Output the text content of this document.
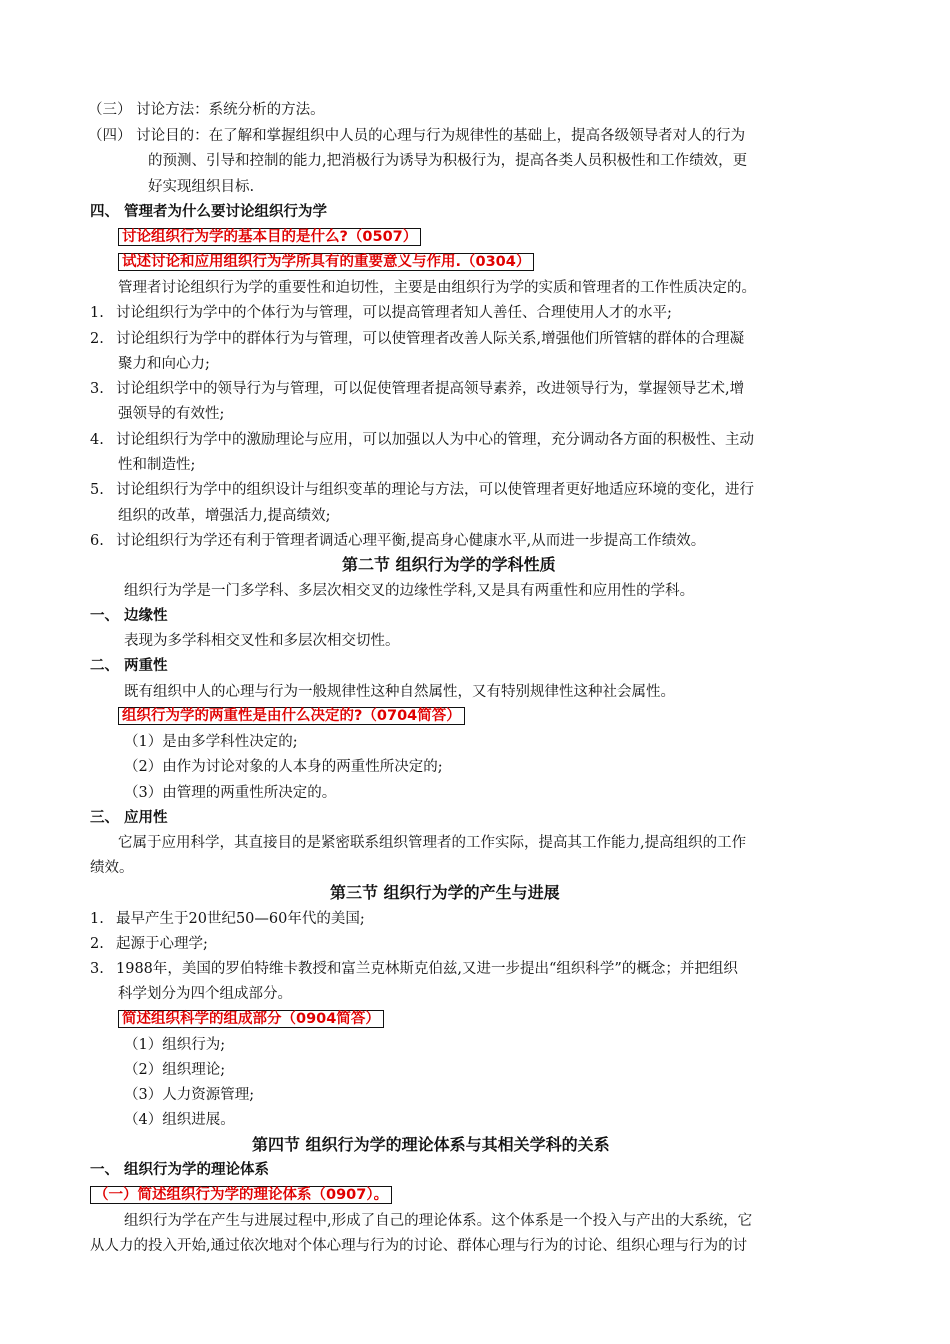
（三） 讨论方法：系统分析的方法。
（四） 讨论目的：在了解和掌握组织中人员的心理与行为规律性的基础上，提高各级领导者对人的行为
的预测、引导和控制的能力,把消极行为诱导为积极行为，提高各类人员积极性和工作绩效，更
好实现组织目标.
四、 管理者为什么要讨论组织行为学
讨论组织行为学的基本目的是什么?（0507）
试述讨论和应用组织行为学所具有的重要意义与作用.（0304）
管理者讨论组织行为学的重要性和迫切性，主要是由组织行为学的实质和管理者的工作性质决定的。
1. 讨论组织行为学中的个体行为与管理，可以提高管理者知人善任、合理使用人才的水平;
2. 讨论组织行为学中的群体行为与管理，可以使管理者改善人际关系,增强他们所管辖的群体的合理凝
聚力和向心力;
3. 讨论组织学中的领导行为与管理，可以促使管理者提高领导素养，改进领导行为，掌握领导艺术,增
强领导的有效性;
4. 讨论组织行为学中的激励理论与应用，可以加强以人为中心的管理，充分调动各方面的积极性、主动
性和制造性;
5. 讨论组织行为学中的组织设计与组织变革的理论与方法，可以使管理者更好地适应环境的变化，进行
组织的改革，增强活力,提高绩效;
6. 讨论组织行为学还有利于管理者调适心理平衡,提高身心健康水平,从而进一步提高工作绩效。
第二节 组织行为学的学科性质
组织行为学是一门多学科、多层次相交叉的边缘性学科,又是具有两重性和应用性的学科。
一、 边缘性
表现为多学科相交叉性和多层次相交切性。
二、 两重性
既有组织中人的心理与行为一般规律性这种自然属性，又有特别规律性这种社会属性。
组织行为学的两重性是由什么决定的?（0704简答）
（1）是由多学科性决定的;
（2）由作为讨论对象的人本身的两重性所决定的;
（3）由管理的两重性所决定的。
三、 应用性
它属于应用科学，其直接目的是紧密联系组织管理者的工作实际，提高其工作能力,提高组织的工作
绩效。
第三节 组织行为学的产生与进展
1. 最早产生于20世纪50—60年代的美国;
2. 起源于心理学;
3. 1988年，美国的罗伯特维卡教授和富兰克林斯克伯兹,又进一步提出“组织科学”的概念；并把组织
科学划分为四个组成部分。
简述组织科学的组成部分（0904简答）
（1）组织行为;
（2）组织理论;
（3）人力资源管理;
（4）组织进展。
第四节 组织行为学的理论体系与其相关学科的关系
一、 组织行为学的理论体系
（一）简述组织行为学的理论体系（0907）。
组织行为学在产生与进展过程中,形成了自己的理论体系。这个体系是一个投入与产出的大系统，它
从人力的投入开始,通过依次地对个体心理与行为的讨论、群体心理与行为的讨论、组织心理与行为的讨
